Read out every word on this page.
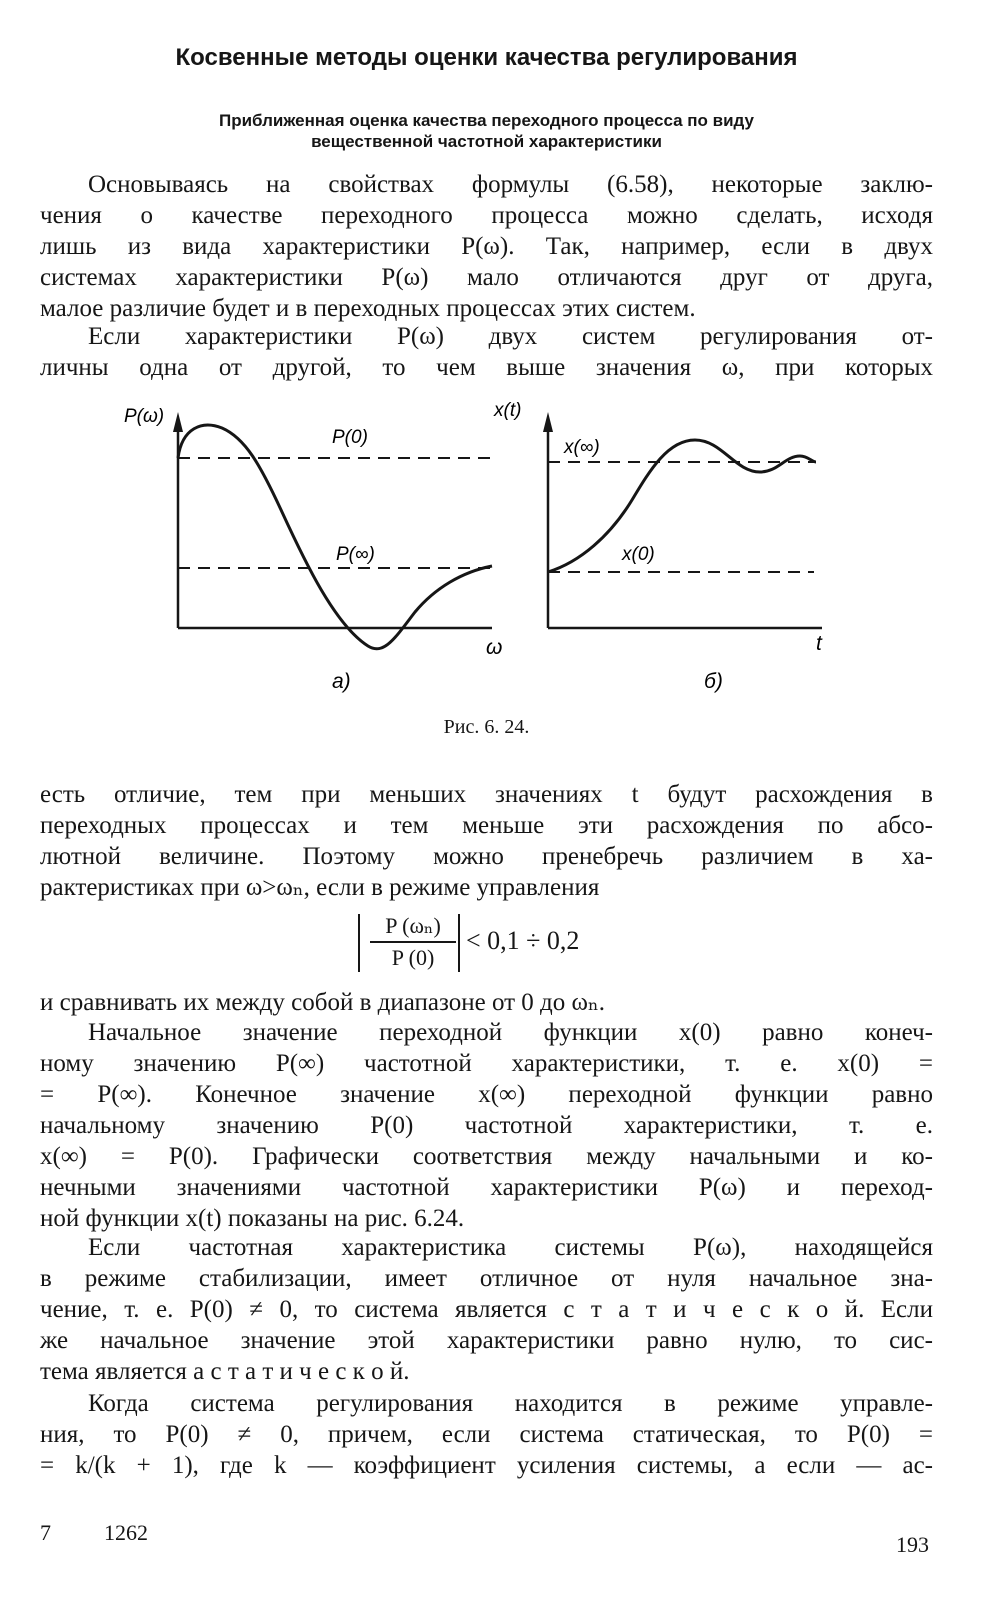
Косвенные методы оценки качества регулирования
Приближенная оценка качества переходного процесса по виду
вещественной частотной характеристики
Основываясь на свойствах формулы (6.58), некоторые заклю-
чения о качестве переходного процесса можно сделать, исходя
лишь из вида характеристики P(ω). Так, например, если в двух
системах характеристики P(ω) мало отличаются друг от друга,
малое различие будет и в переходных процессах этих систем.
Если характеристики P(ω) двух систем регулирования от-
личны одна от другой, то чем выше значения ω, при которых
P(ω)
P(0)
P(∞)
ω
а)
x(t)
x(∞)
x(0)
t
б)
Рис. 6. 24.
есть отличие, тем при меньших значениях t будут расхождения в
переходных процессах и тем меньше эти расхождения по абсо-
лютной величине. Поэтому можно пренебречь различием в ха-
рактеристиках при ω>ωₙ, если в режиме управления
P (ωₙ)
P (0)
< 0,1 ÷ 0,2
и сравнивать их между собой в диапазоне от 0 до ωₙ.
Начальное значение переходной функции x(0) равно конеч-
ному значению P(∞) частотной характеристики, т. е. x(0) =
= P(∞). Конечное значение x(∞) переходной функции равно
начальному значению P(0) частотной характеристики, т. е.
x(∞) = P(0). Графически соответствия между начальными и ко-
нечными значениями частотной характеристики P(ω) и переход-
ной функции x(t) показаны на рис. 6.24.
Если частотная характеристика системы P(ω), находящейся
в режиме стабилизации, имеет отличное от нуля начальное зна-
чение, т. е. P(0) ≠ 0, то система является с т а т и ч е с к о й. Если
же начальное значение этой характеристики равно нулю, то сис-
тема является а с т а т и ч е с к о й.
Когда система регулирования находится в режиме управле-
ния, то P(0) ≠ 0, причем, если система статическая, то P(0) =
= k/(k + 1), где k — коэффициент усиления системы, а если — ас-
7 1262	193
